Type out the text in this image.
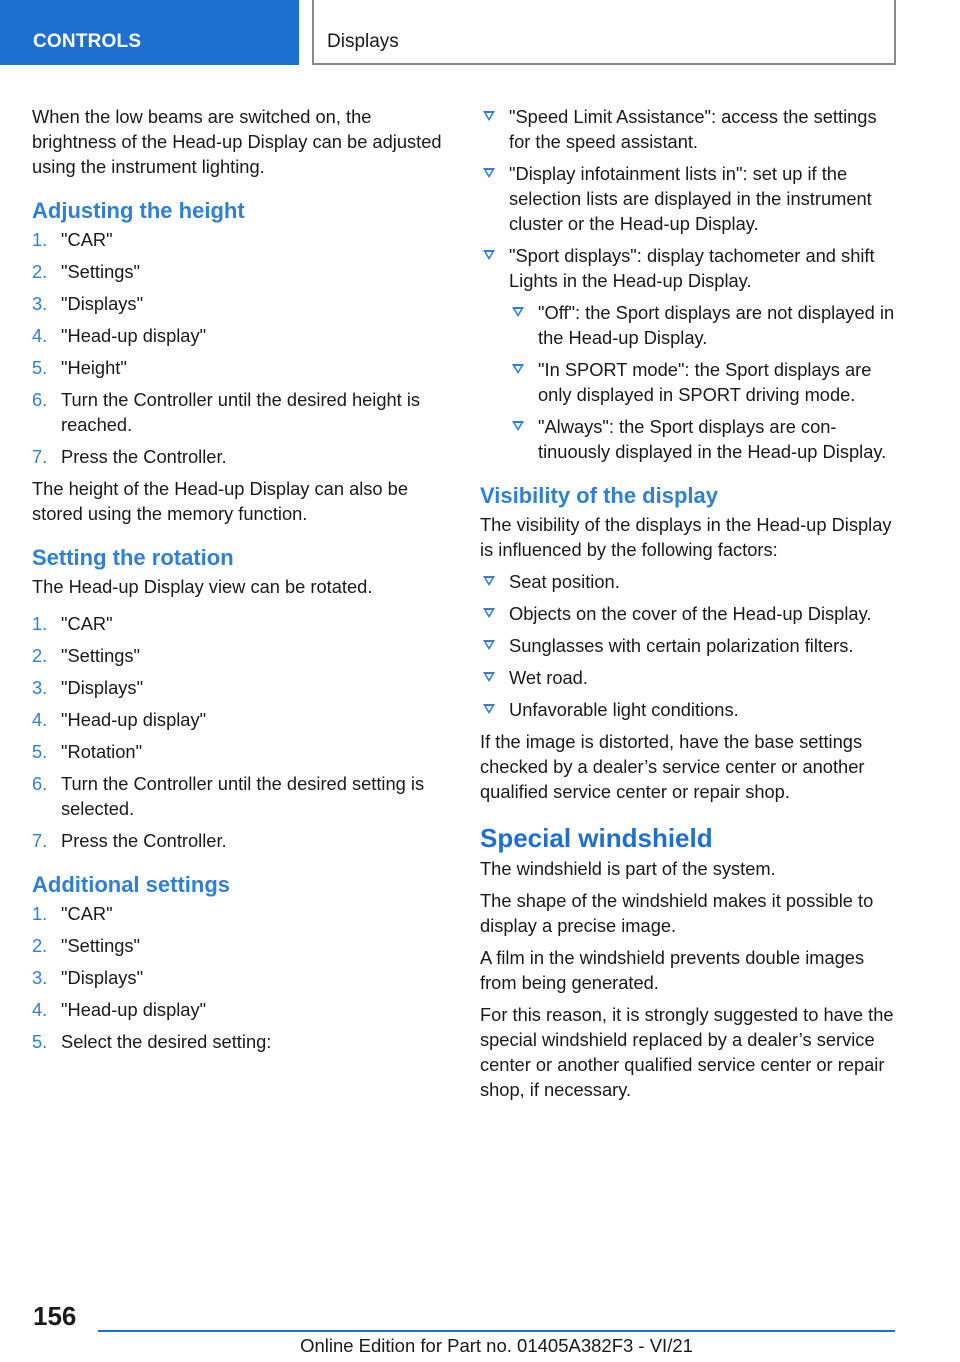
CONTROLS	Displays

When the low beams are switched on, the brightness of the Head-up Display can be adjusted using the instrument lighting.

Adjusting the height
1. "CAR"
2. "Settings"
3. "Displays"
4. "Head-up display"
5. "Height"
6. Turn the Controller until the desired height is reached.
7. Press the Controller.

The height of the Head-up Display can also be stored using the memory function.

Setting the rotation

The Head-up Display view can be rotated.

1. "CAR"
2. "Settings"
3. "Displays"
4. "Head-up display"
5. "Rotation"
6. Turn the Controller until the desired setting is selected.
7. Press the Controller.
Additional settings
1. "CAR"
2. "Settings"
3. "Displays"
4. "Head-up display"
5. Select the desired setting:
"Speed Limit Assistance": access the settings for the speed assistant.
"Display infotainment lists in": set up if the selection lists are displayed in the instrument cluster or the Head-up Display.
"Sport displays": display tachometer and shift Lights in the Head-up Display.
"Off": the Sport displays are not displayed in the Head-up Display.
"In SPORT mode": the Sport displays are only displayed in SPORT driving mode.
"Always": the Sport displays are continuously displayed in the Head-up Display.
Visibility of the display

The visibility of the displays in the Head-up Display is influenced by the following factors:

Seat position.
Objects on the cover of the Head-up Display.
Sunglasses with certain polarization filters.
Wet road.
Unfavorable light conditions.

If the image is distorted, have the base settings checked by a dealer’s service center or another qualified service center or repair shop.

Special windshield

The windshield is part of the system.

The shape of the windshield makes it possible to display a precise image.

A film in the windshield prevents double images from being generated.

For this reason, it is strongly suggested to have the special windshield replaced by a dealer’s service center or another qualified service center or repair shop, if necessary.

156
Online Edition for Part no. 01405A382F3 - VI/21
